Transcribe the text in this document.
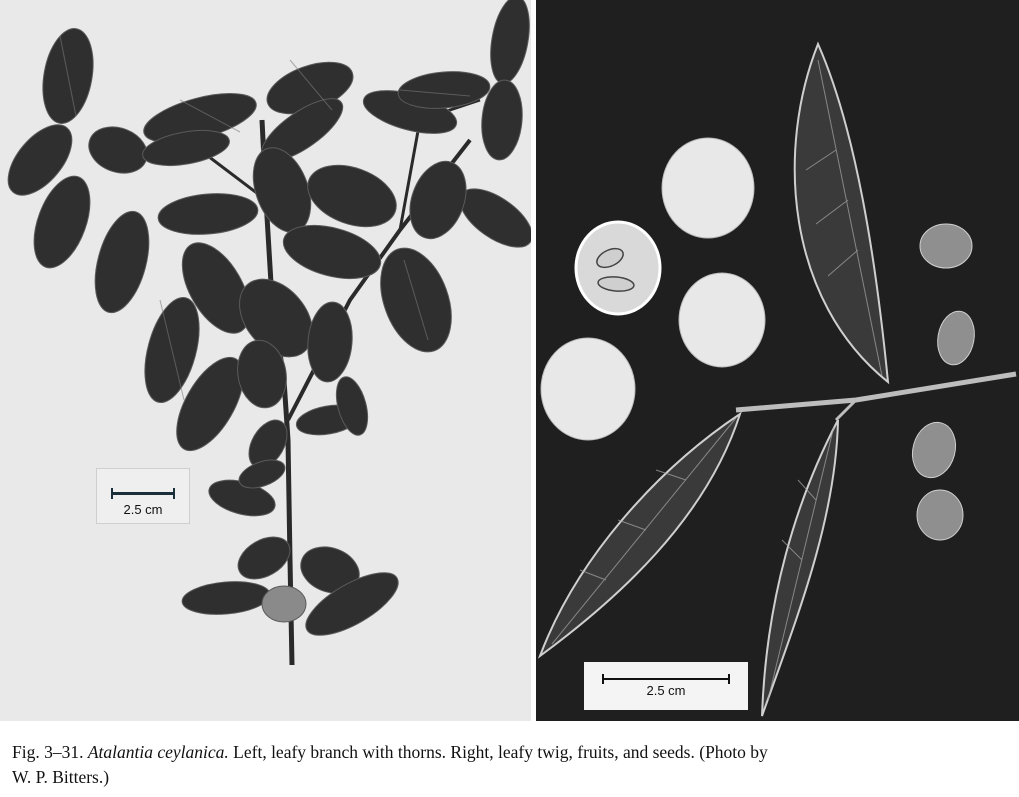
2.5 cm
2.5 cm
Fig. 3–31. Atalantia ceylanica. Left, leafy branch with thorns. Right, leafy twig, fruits, and seeds. (Photo by
W. P. Bitters.)
